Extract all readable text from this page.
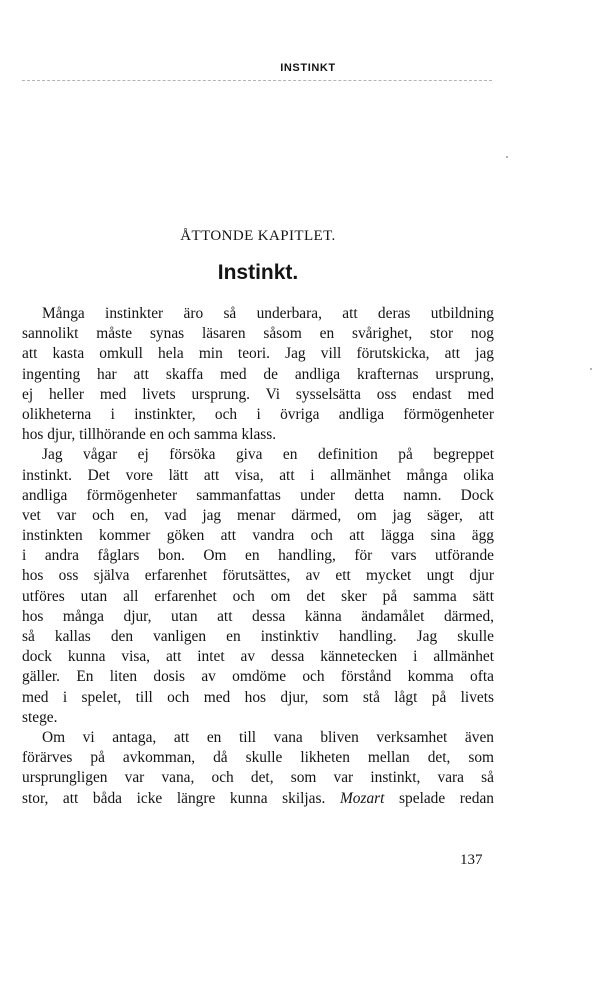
INSTINKT
ÅTTONDE KAPITLET.
Instinkt.
Många instinkter äro så underbara, att deras utbildning
sannolikt måste synas läsaren såsom en svårighet, stor nog
att kasta omkull hela min teori. Jag vill förutskicka, att jag
ingenting har att skaffa med de andliga krafternas ursprung,
ej heller med livets ursprung. Vi sysselsätta oss endast med
olikheterna i instinkter, och i övriga andliga förmögenheter
hos djur, tillhörande en och samma klass.
Jag vågar ej försöka giva en definition på begreppet
instinkt. Det vore lätt att visa, att i allmänhet många olika
andliga förmögenheter sammanfattas under detta namn. Dock
vet var och en, vad jag menar därmed, om jag säger, att
instinkten kommer göken att vandra och att lägga sina ägg
i andra fåglars bon. Om en handling, för vars utförande
hos oss själva erfarenhet förutsättes, av ett mycket ungt djur
utföres utan all erfarenhet och om det sker på samma sätt
hos många djur, utan att dessa känna ändamålet därmed,
så kallas den vanligen en instinktiv handling. Jag skulle
dock kunna visa, att intet av dessa kännetecken i allmänhet
gäller. En liten dosis av omdöme och förstånd komma ofta
med i spelet, till och med hos djur, som stå lågt på livets
stege.
Om vi antaga, att en till vana bliven verksamhet även
förärves på avkomman, då skulle likheten mellan det, som
ursprungligen var vana, och det, som var instinkt, vara så
stor, att båda icke längre kunna skiljas. Mozart spelade redan
137
